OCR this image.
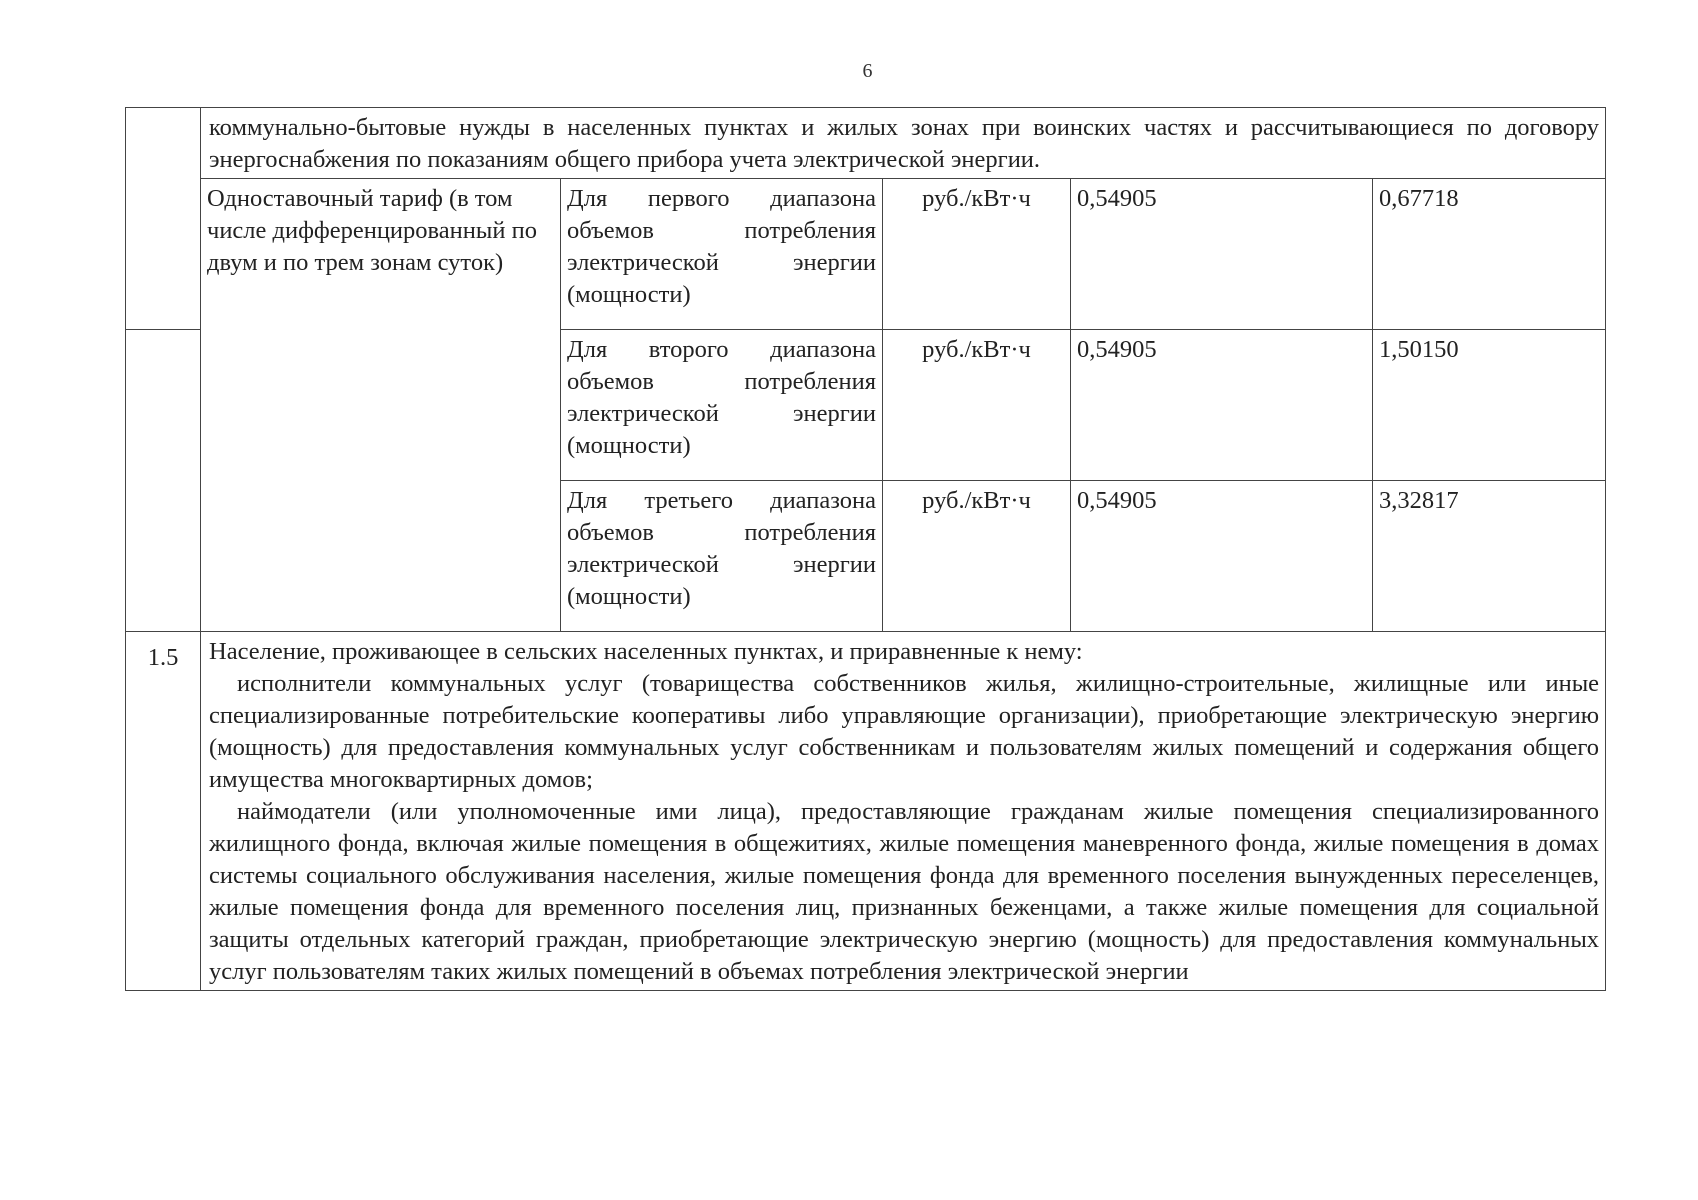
6
	коммунально-бытовые нужды в населенных пунктах и жилых зонах при воинских частях и рассчитывающиеся по договору энергоснабжения по показаниям общего прибора учета электрической энергии.				
	Одноставочный тариф (в том числе дифференцированный по двум и по трем зонам суток)	Для первого диапазона
объемов потребления
электрической энергии
(мощности)	руб./кВт·ч	0,54905	0,67718

		Для второго диапазона
объемов потребления
электрической энергии
(мощности)	руб./кВт·ч	0,54905	1,50150

		Для третьего диапазона
объемов потребления
электрической энергии
(мощности)	руб./кВт·ч	0,54905	3,32817
1.5	Население, проживающее в сельских населенных пунктах, и приравненные к нему:

исполнители коммунальных услуг (товарищества собственников жилья, жилищно-строительные, жилищные или иные специализированные потребительские кооперативы либо управляющие организации), приобретающие электрическую энергию (мощность) для предоставления коммунальных услуг собственникам и пользователям жилых помещений и содержания общего имущества многоквартирных домов;

наймодатели (или уполномоченные ими лица), предоставляющие гражданам жилые помещения специализированного жилищного фонда, включая жилые помещения в общежитиях, жилые помещения маневренного фонда, жилые помещения в домах системы социального обслуживания населения, жилые помещения фонда для временного поселения вынужденных переселенцев, жилые помещения фонда для временного поселения лиц, признанных беженцами, а также жилые помещения для социальной защиты отдельных категорий граждан, приобретающие электрическую энергию (мощность) для предоставления коммунальных услуг пользователям таких жилых помещений в объемах потребления электрической энергии				
